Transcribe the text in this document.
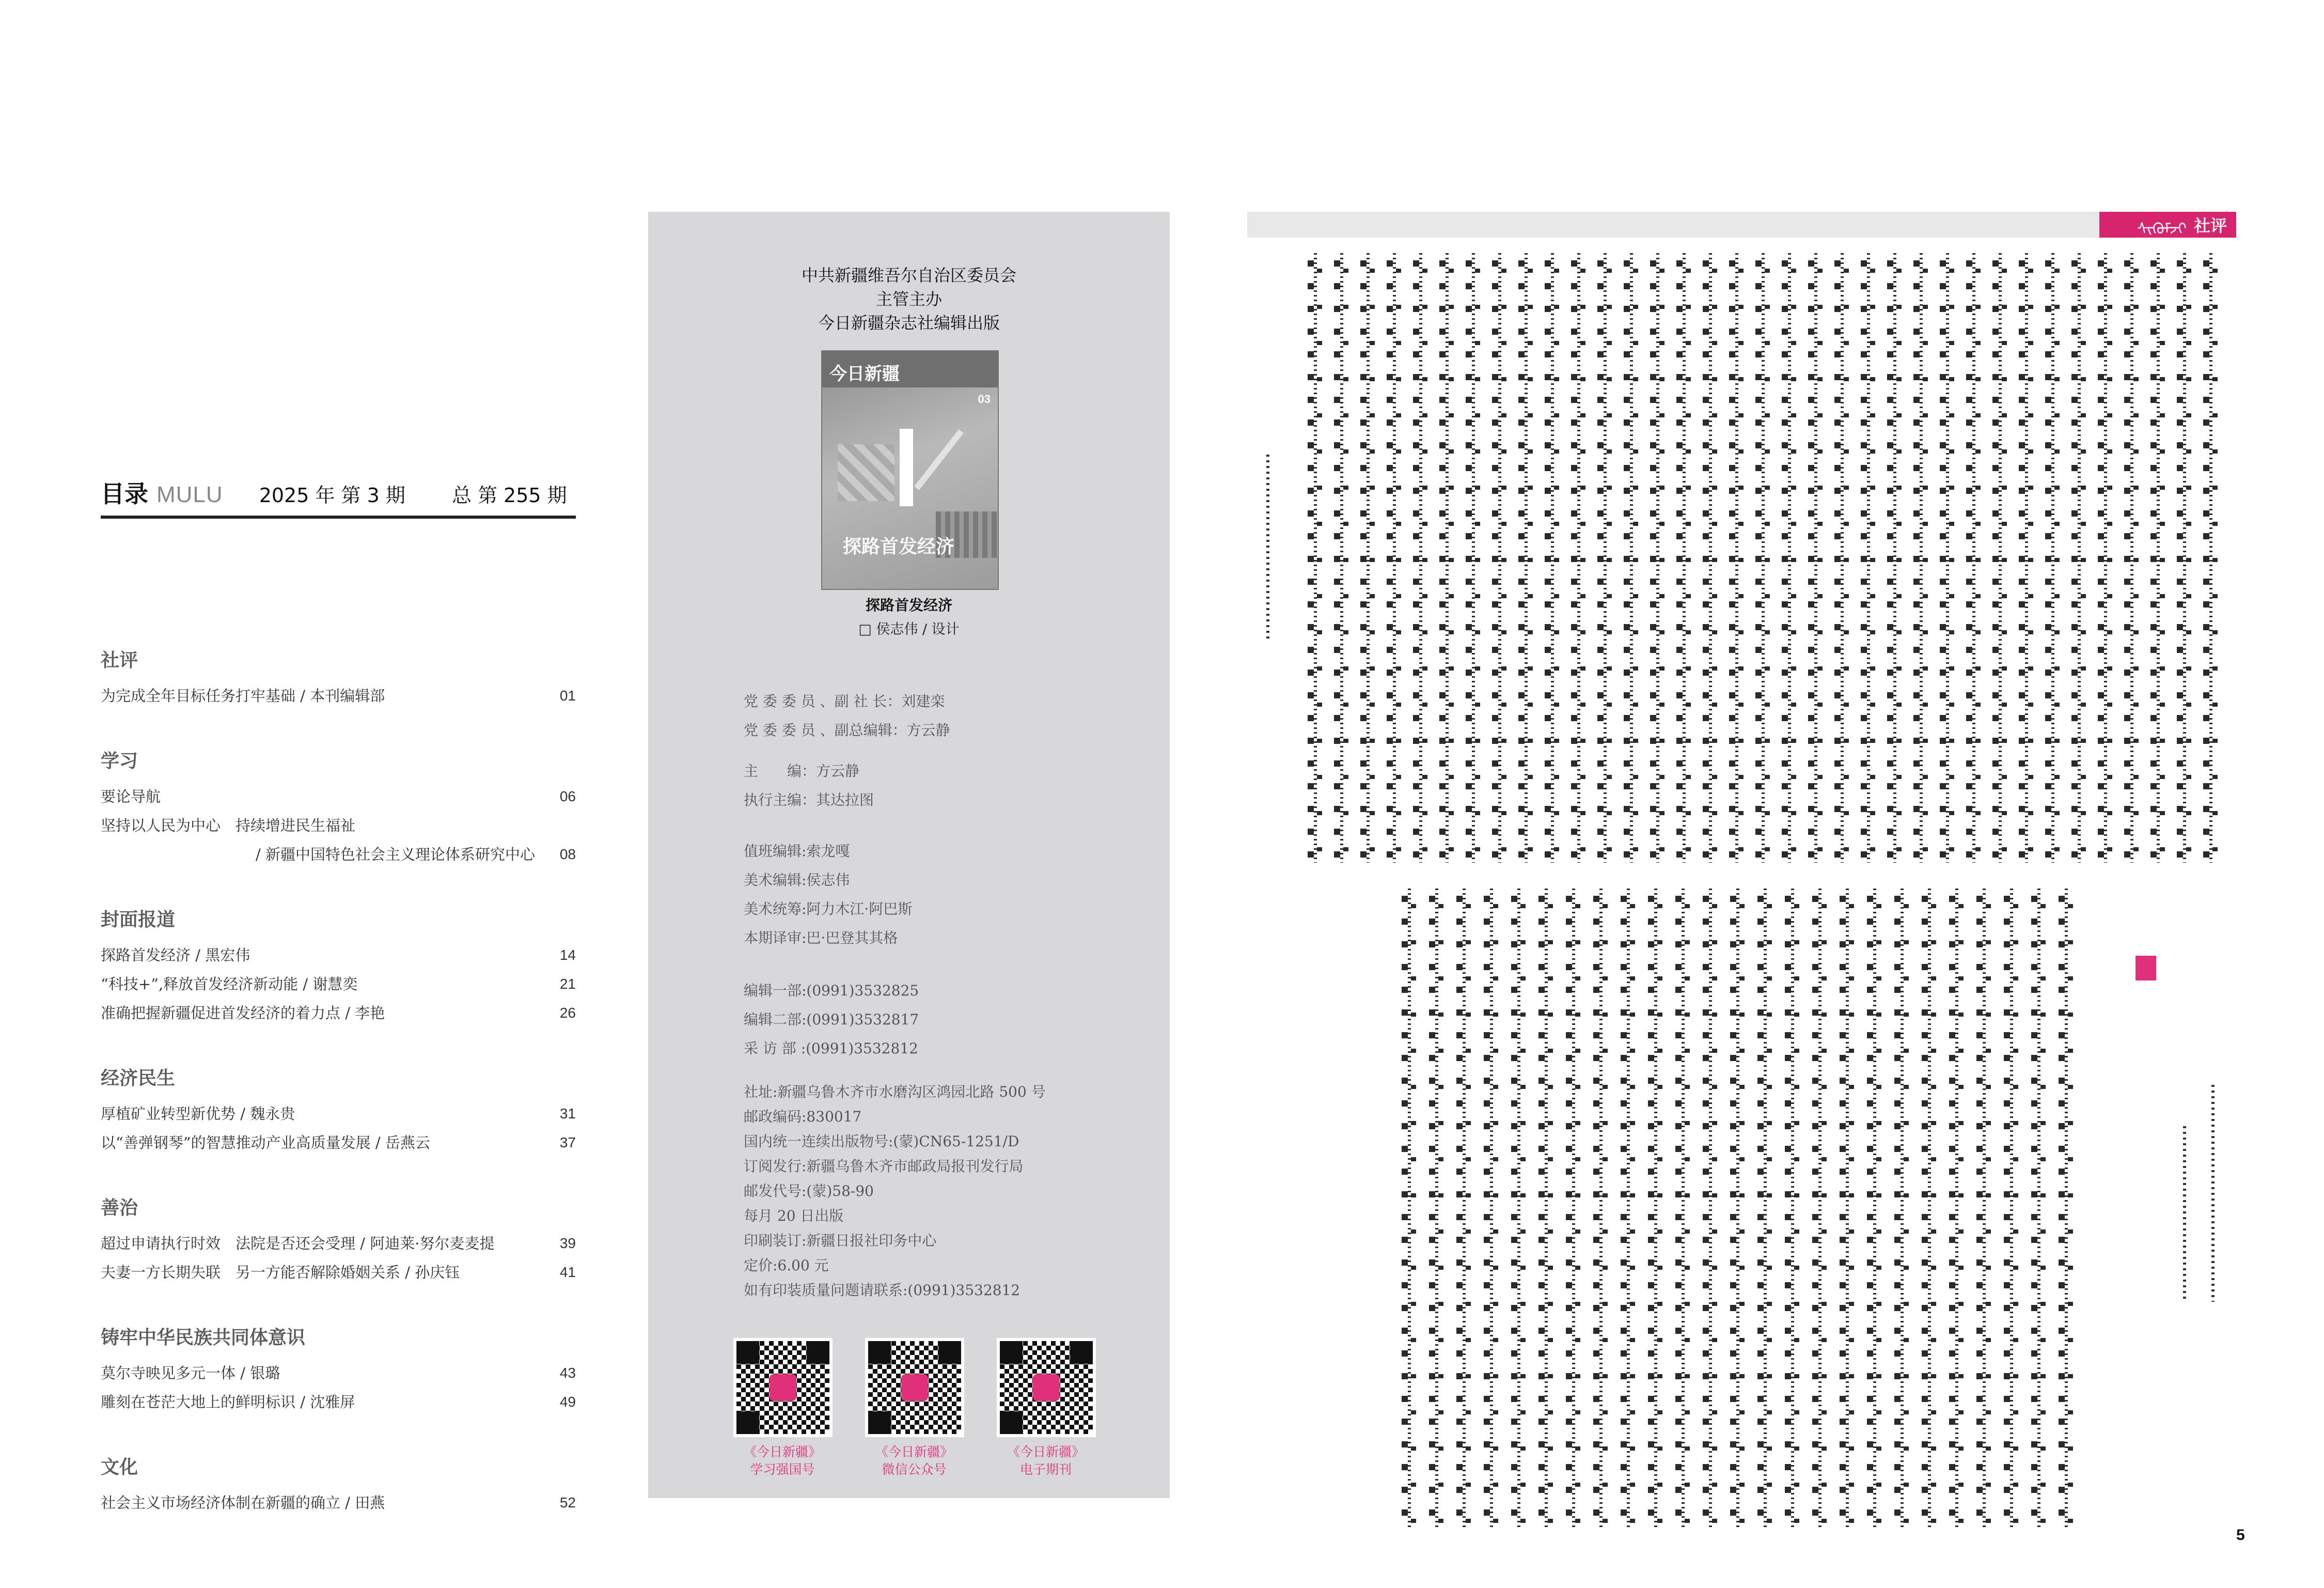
目录 MULU 2025 年 第 3 期 总 第 255 期
社评
为完成全年目标任务打牢基础 / 本刊编辑部	01
学习
要论导航	06
坚持以人民为中心　持续增进民生福祉
/ 新疆中国特色社会主义理论体系研究中心 08
封面报道
探路首发经济 / 黑宏伟	14
“科技+”,释放首发经济新动能 / 谢慧奕	21
准确把握新疆促进首发经济的着力点 / 李艳	26
经济民生
厚植矿业转型新优势 / 魏永贵	31
以“善弹钢琴”的智慧推动产业高质量发展 / 岳燕云	37
善治
超过申请执行时效　法院是否还会受理 / 阿迪莱·努尔麦麦提	39
夫妻一方长期失联　另一方能否解除婚姻关系 / 孙庆钰	41
铸牢中华民族共同体意识
莫尔寺映见多元一体 / 银璐	43
雕刻在苍茫大地上的鲜明标识 / 沈雅屏	49
文化
社会主义市场经济体制在新疆的确立 / 田燕	52
中共新疆维吾尔自治区委员会
主管主办
今日新疆杂志社编辑出版
今日新疆
03
探路首发经济
探路首发经济
□ 侯志伟 / 设计
党 委 委 员 、副 社 长：刘建栾
党 委 委 员 、副总编辑：方云静
主　　编：方云静
执行主编：其达拉图
值班编辑:索龙嘎
美术编辑:侯志伟
美术统筹:阿力木江·阿巴斯
本期译审:巴·巴登其其格
编辑一部:(0991)3532825
编辑二部:(0991)3532817
采 访 部 :(0991)3532812
社址:新疆乌鲁木齐市水磨沟区鸿园北路 500 号
邮政编码:830017
国内统一连续出版物号:(蒙)CN65-1251/D
订阅发行:新疆乌鲁木齐市邮政局报刊发行局
邮发代号:(蒙)58-90
每月 20 日出版
印刷装订:新疆日报社印务中心
定价:6.00 元
如有印装质量问题请联系:(0991)3532812
《今日新疆》
学习强国号
《今日新疆》
微信公众号
《今日新疆》
电子期刊
ᠰᠢᠭᠦᠮᠵᠢ 社评
5
